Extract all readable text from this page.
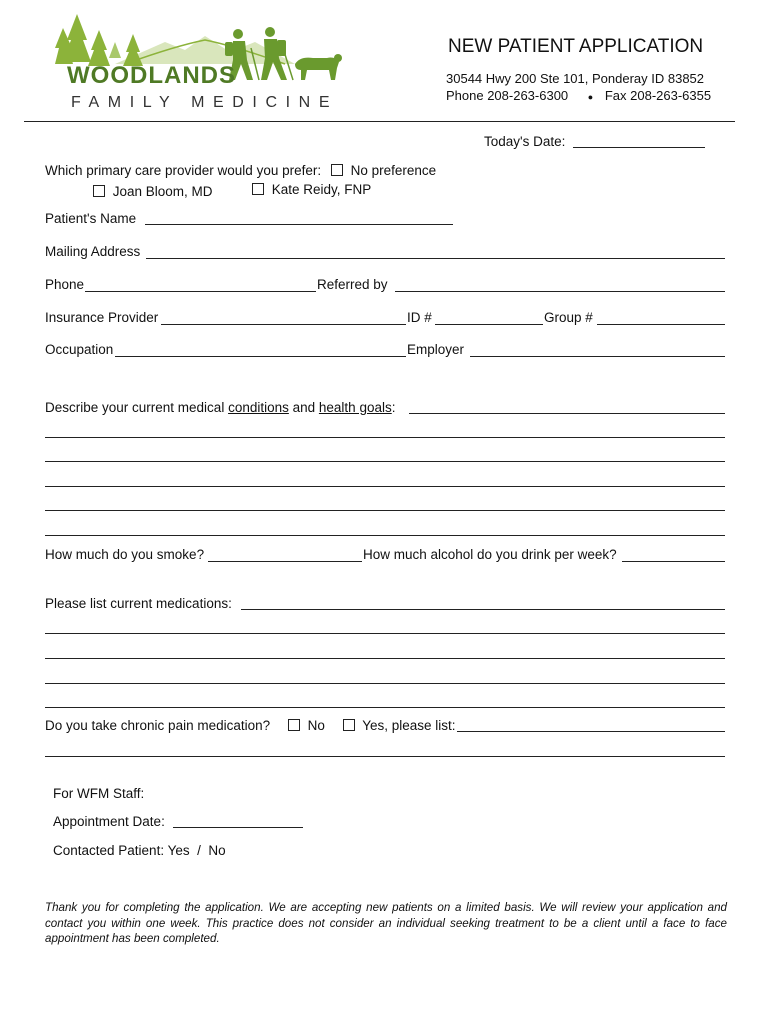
WOODLANDS
FAMILY MEDICINE
NEW PATIENT APPLICATION
30544 Hwy 200 Ste 101, Ponderay ID 83852
Phone 208-263-6300 ● Fax 208-263-6355
Today's Date:
Which primary care provider would you prefer: No preference
Joan Bloom, MD	Kate Reidy, FNP
Patient's Name
Mailing Address
Phone	Referred by
Insurance Provider	ID #	Group #
Occupation	Employer
Describe your current medical conditions and health goals:
How much do you smoke?	How much alcohol do you drink per week?
Please list current medications:
Do you take chronic pain medication?	No	Yes, please list:
For WFM Staff:
Appointment Date:
Contacted Patient: Yes  /  No
Thank you for completing the application. We are accepting new patients on a limited basis. We will review your application and contact you within one week. This practice does not consider an individual seeking treatment to be a client until a face to face appointment has been completed.
